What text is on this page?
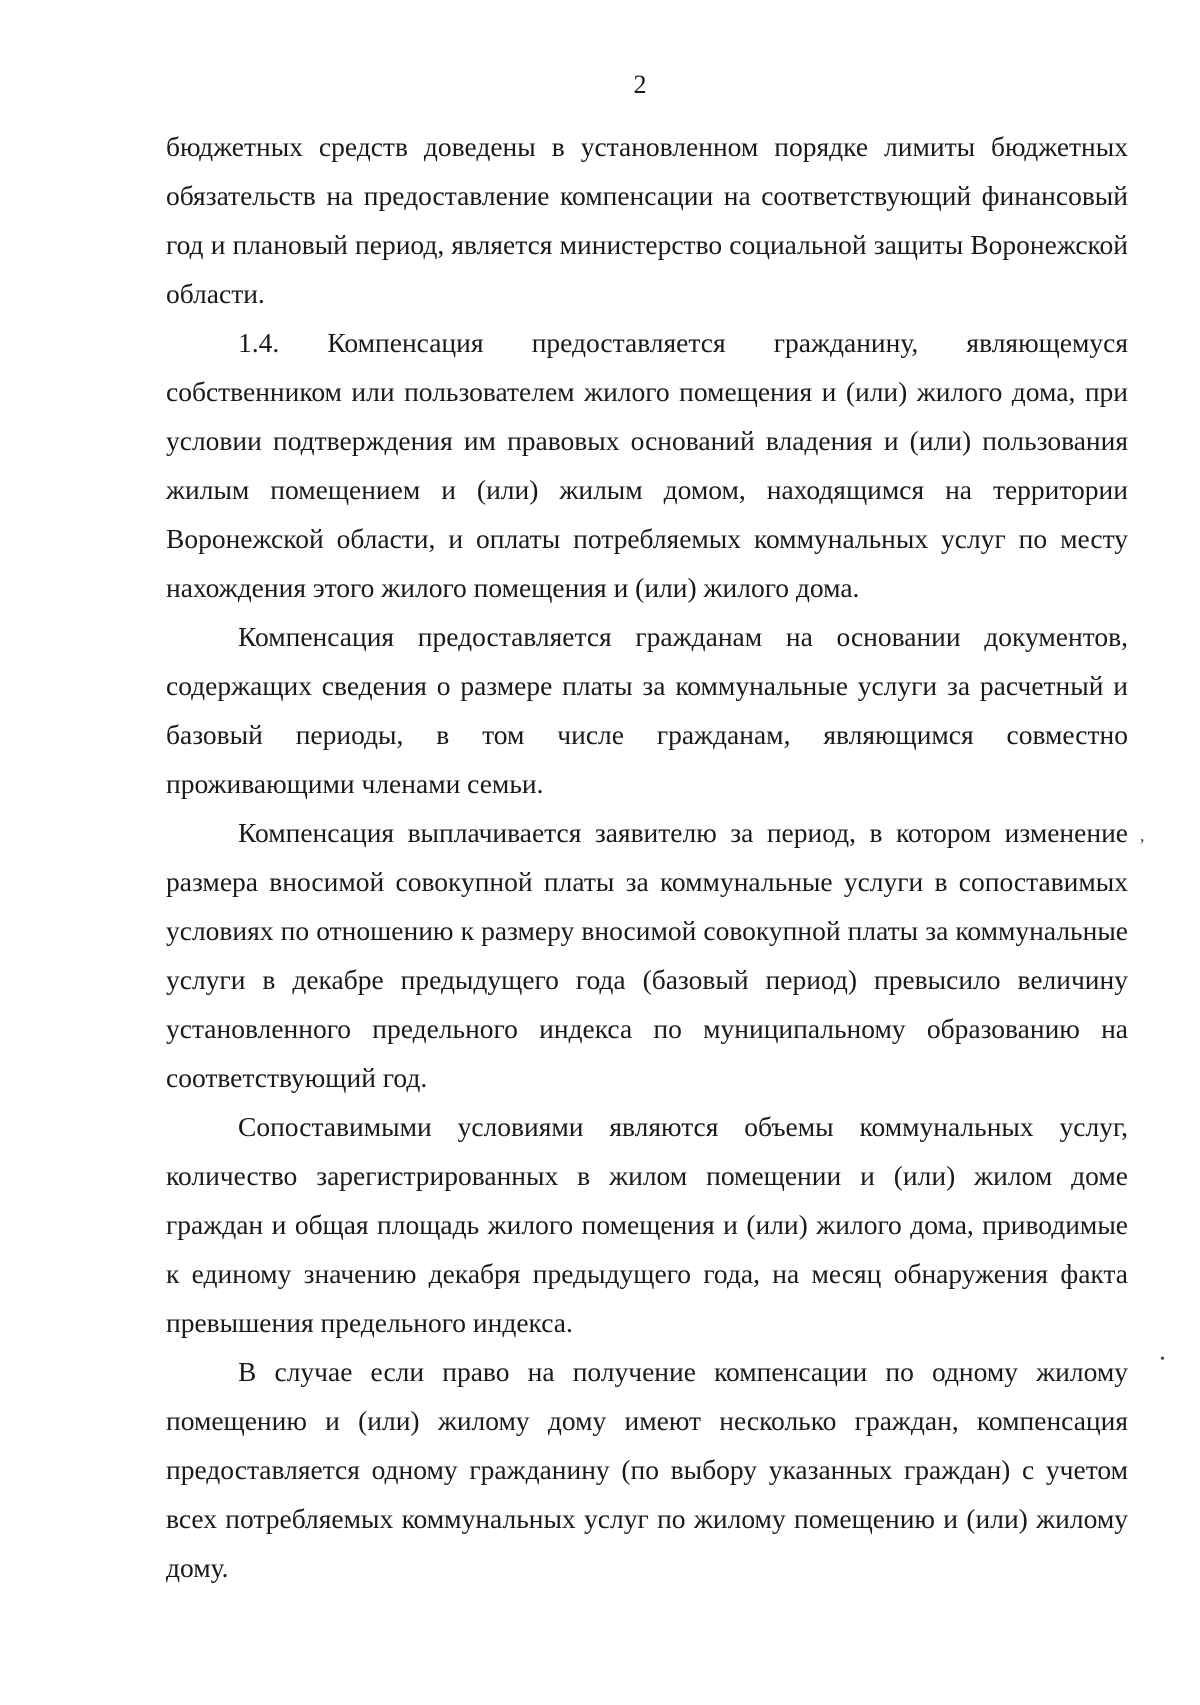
2

бюджетных средств доведены в установленном порядке лимиты бюджетных обязательств на предоставление компенсации на соответствующий финансовый год и плановый период, является министерство социальной защиты Воронежской области.

1.4. Компенсация предоставляется гражданину, являющемуся собственником или пользователем жилого помещения и (или) жилого дома, при условии подтверждения им правовых оснований владения и (или) пользования жилым помещением и (или) жилым домом, находящимся на территории Воронежской области, и оплаты потребляемых коммунальных услуг по месту нахождения этого жилого помещения и (или) жилого дома.

Компенсация предоставляется гражданам на основании документов, содержащих сведения о размере платы за коммунальные услуги за расчетный и базовый периоды, в том числе гражданам, являющимся совместно проживающими членами семьи.

Компенсация выплачивается заявителю за период, в котором изменение размера вносимой совокупной платы за коммунальные услуги в сопоставимых условиях по отношению к размеру вносимой совокупной платы за коммунальные услуги в декабре предыдущего года (базовый период) превысило величину установленного предельного индекса по муниципальному образованию на соответствующий год.

Сопоставимыми условиями являются объемы коммунальных услуг, количество зарегистрированных в жилом помещении и (или) жилом доме граждан и общая площадь жилого помещения и (или) жилого дома, приводимые к единому значению декабря предыдущего года, на месяц обнаружения факта превышения предельного индекса.

В случае если право на получение компенсации по одному жилому помещению и (или) жилому дому имеют несколько граждан, компенсация предоставляется одному гражданину (по выбору указанных граждан) с учетом всех потребляемых коммунальных услуг по жилому помещению и (или) жилому дому.

,
•
